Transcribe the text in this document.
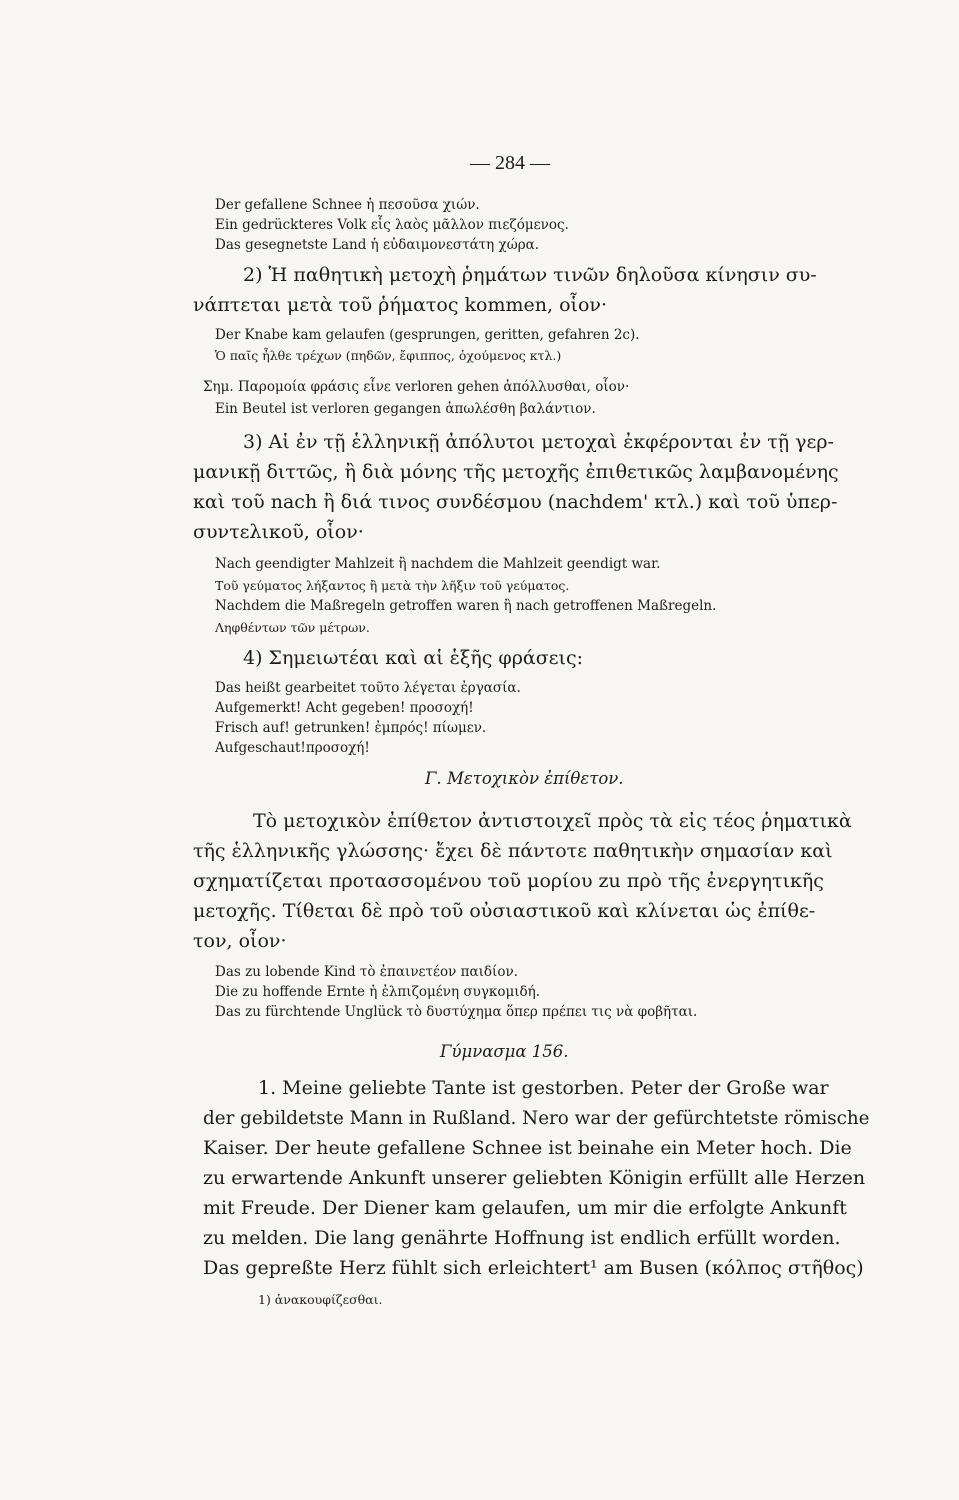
— 284 —
Der gefallene Schnee ἡ πεσοῦσα χιών.
Ein gedrückteres Volk εἷς λαὸς μᾶλλον πιεζόμενος.
Das gesegnetste Land ἡ εὐδαιμονεστάτη χώρα.
2) Ἡ παθητικὴ μετοχὴ ῥημάτων τινῶν δηλοῦσα κίνησιν συ-
νάπτεται μετὰ τοῦ ῥήματος kommen, οἷον·
Der Knabe kam gelaufen (gesprungen, geritten, gefahren 2c).
Ὁ παῖς ἦλθε τρέχων (πηδῶν, ἔφιππος, ὀχούμενος κτλ.)
Σημ. Παρομοία φράσις εἶνε verloren gehen ἀπόλλυσθαι, οἷον·
Ein Beutel ist verloren gegangen ἀπωλέσθη βαλάντιον.
3) Αἱ ἐν τῇ ἑλληνικῇ ἀπόλυτοι μετοχαὶ ἐκφέρονται ἐν τῇ γερ-
μανικῇ διττῶς, ἢ διὰ μόνης τῆς μετοχῆς ἐπιθετικῶς λαμβανομένης
καὶ τοῦ nach ἢ διά τινος συνδέσμου (nachdem' κτλ.) καὶ τοῦ ὑπερ-
συντελικοῦ, οἷον·
Nach geendigter Mahlzeit ἢ nachdem die Mahlzeit geendigt war.
Τοῦ γεύματος λήξαντος ἢ μετὰ τὴν λῆξιν τοῦ γεύματος.
Nachdem die Maßregeln getroffen waren ἢ nach getroffenen Maßregeln.
Ληφθέντων τῶν μέτρων.
4) Σημειωτέαι καὶ αἱ ἑξῆς φράσεις:
Das heißt gearbeitet τοῦτο λέγεται ἐργασία.
Aufgemerkt! Acht gegeben! προσοχή!
Frisch auf! getrunken! ἐμπρός! πίωμεν.
Aufgeschaut!προσοχή!
Γ. Μετοχικὸν ἐπίθετον.
Τὸ μετοχικὸν ἐπίθετον ἀντιστοιχεῖ πρὸς τὰ εἰς τέος ῥηματικὰ
τῆς ἑλληνικῆς γλώσσης· ἔχει δὲ πάντοτε παθητικὴν σημασίαν καὶ
σχηματίζεται προτασσομένου τοῦ μορίου zu πρὸ τῆς ἐνεργητικῆς
μετοχῆς. Τίθεται δὲ πρὸ τοῦ οὐσιαστικοῦ καὶ κλίνεται ὡς ἐπίθε-
τον, οἷον·
Das zu lobende Kind τὸ ἐπαινετέον παιδίον.
Die zu hoffende Ernte ἡ ἐλπιζομένη συγκομιδή.
Das zu fürchtende Unglück τὸ δυστύχημα ὅπερ πρέπει τις νὰ φοβῆται.
Γύμνασμα 156.
1. Meine geliebte Tante ist gestorben. Peter der Große war
der gebildetste Mann in Rußland. Nero war der gefürchtetste römische
Kaiser. Der heute gefallene Schnee ist beinahe ein Meter hoch. Die
zu erwartende Ankunft unserer geliebten Königin erfüllt alle Herzen
mit Freude. Der Diener kam gelaufen, um mir die erfolgte Ankunft
zu melden. Die lang genährte Hoffnung ist endlich erfüllt worden.
Das gepreßte Herz fühlt sich erleichtert¹ am Busen (κόλπος στῆθος)
1) ἀνακουφίζεσθαι.
